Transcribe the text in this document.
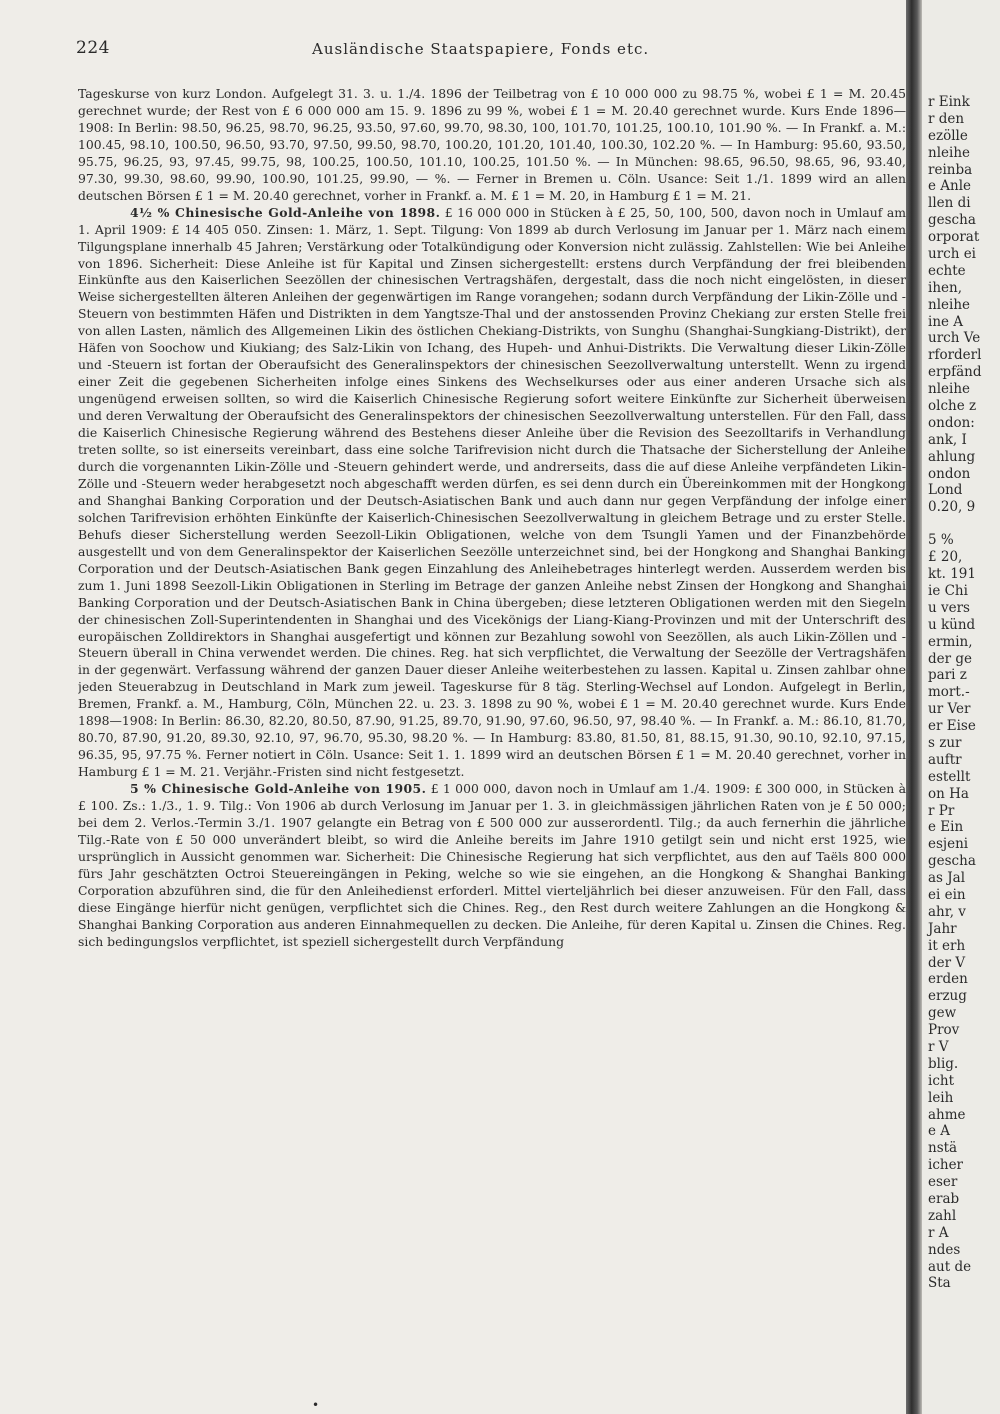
224	Ausländische Staatspapiere, Fonds etc.

Tageskurse von kurz London. Aufgelegt 31. 3. u. 1./4. 1896 der Teilbetrag von £ 10 000 000 zu 98.75 %, wobei £ 1 = M. 20.45 gerechnet wurde; der Rest von £ 6 000 000 am 15. 9. 1896 zu 99 %, wobei £ 1 = M. 20.40 gerechnet wurde. Kurs Ende 1896—1908: In Berlin: 98.50, 96.25, 98.70, 96.25, 93.50, 97.60, 99.70, 98.30, 100, 101.70, 101.25, 100.10, 101.90 %. — In Frankf. a. M.: 100.45, 98.10, 100.50, 96.50, 93.70, 97.50, 99.50, 98.70, 100.20, 101.20, 101.40, 100.30, 102.20 %. — In Hamburg: 95.60, 93.50, 95.75, 96.25, 93, 97.45, 99.75, 98, 100.25, 100.50, 101.10, 100.25, 101.50 %. — In München: 98.65, 96.50, 98.65, 96, 93.40, 97.30, 99.30, 98.60, 99.90, 100.90, 101.25, 99.90, — %. — Ferner in Bremen u. Cöln. Usance: Seit 1./1. 1899 wird an allen deutschen Börsen £ 1 = M. 20.40 gerechnet, vorher in Frankf. a. M. £ 1 = M. 20, in Hamburg £ 1 = M. 21.

4½ % Chinesische Gold-Anleihe von 1898. £ 16 000 000 in Stücken à £ 25, 50, 100, 500, davon noch in Umlauf am 1. April 1909: £ 14 405 050. Zinsen: 1. März, 1. Sept. Tilgung: Von 1899 ab durch Verlosung im Januar per 1. März nach einem Tilgungsplane innerhalb 45 Jahren; Verstärkung oder Totalkündigung oder Konversion nicht zulässig. Zahlstellen: Wie bei Anleihe von 1896. Sicherheit: Diese Anleihe ist für Kapital und Zinsen sichergestellt: erstens durch Verpfändung der frei bleibenden Einkünfte aus den Kaiserlichen Seezöllen der chinesischen Vertragshäfen, dergestalt, dass die noch nicht eingelösten, in dieser Weise sichergestellten älteren Anleihen der gegenwärtigen im Range vorangehen; sodann durch Verpfändung der Likin-Zölle und -Steuern von bestimmten Häfen und Distrikten in dem Yangtsze-Thal und der anstossenden Provinz Chekiang zur ersten Stelle frei von allen Lasten, nämlich des Allgemeinen Likin des östlichen Chekiang-Distrikts, von Sunghu (Shanghai-Sungkiang-Distrikt), der Häfen von Soochow und Kiukiang; des Salz-Likin von Ichang, des Hupeh- und Anhui-Distrikts. Die Verwaltung dieser Likin-Zölle und -Steuern ist fortan der Oberaufsicht des Generalinspektors der chinesischen Seezollverwaltung unterstellt. Wenn zu irgend einer Zeit die gegebenen Sicherheiten infolge eines Sinkens des Wechselkurses oder aus einer anderen Ursache sich als ungenügend erweisen sollten, so wird die Kaiserlich Chinesische Regierung sofort weitere Einkünfte zur Sicherheit überweisen und deren Verwaltung der Oberaufsicht des Generalinspektors der chinesischen Seezollverwaltung unterstellen. Für den Fall, dass die Kaiserlich Chinesische Regierung während des Bestehens dieser Anleihe über die Revision des Seezolltarifs in Verhandlung treten sollte, so ist einerseits vereinbart, dass eine solche Tarifrevision nicht durch die Thatsache der Sicherstellung der Anleihe durch die vorgenannten Likin-Zölle und -Steuern gehindert werde, und andrerseits, dass die auf diese Anleihe verpfändeten Likin-Zölle und -Steuern weder herabgesetzt noch abgeschafft werden dürfen, es sei denn durch ein Übereinkommen mit der Hongkong and Shanghai Banking Corporation und der Deutsch-Asiatischen Bank und auch dann nur gegen Verpfändung der infolge einer solchen Tarifrevision erhöhten Einkünfte der Kaiserlich-Chinesischen Seezollverwaltung in gleichem Betrage und zu erster Stelle. Behufs dieser Sicherstellung werden Seezoll-Likin Obligationen, welche von dem Tsungli Yamen und der Finanzbehörde ausgestellt und von dem Generalinspektor der Kaiserlichen Seezölle unterzeichnet sind, bei der Hongkong and Shanghai Banking Corporation und der Deutsch-Asiatischen Bank gegen Einzahlung des Anleihebetrages hinterlegt werden. Ausserdem werden bis zum 1. Juni 1898 Seezoll-Likin Obligationen in Sterling im Betrage der ganzen Anleihe nebst Zinsen der Hongkong and Shanghai Banking Corporation und der Deutsch-Asiatischen Bank in China übergeben; diese letzteren Obligationen werden mit den Siegeln der chinesischen Zoll-Superintendenten in Shanghai und des Vicekönigs der Liang-Kiang-Provinzen und mit der Unterschrift des europäischen Zolldirektors in Shanghai ausgefertigt und können zur Bezahlung sowohl von Seezöllen, als auch Likin-Zöllen und -Steuern überall in China verwendet werden. Die chines. Reg. hat sich verpflichtet, die Verwaltung der Seezölle der Vertragshäfen in der gegenwärt. Verfassung während der ganzen Dauer dieser Anleihe weiterbestehen zu lassen. Kapital u. Zinsen zahlbar ohne jeden Steuerabzug in Deutschland in Mark zum jeweil. Tageskurse für 8 täg. Sterling-Wechsel auf London. Aufgelegt in Berlin, Bremen, Frankf. a. M., Hamburg, Cöln, München 22. u. 23. 3. 1898 zu 90 %, wobei £ 1 = M. 20.40 gerechnet wurde. Kurs Ende 1898—1908: In Berlin: 86.30, 82.20, 80.50, 87.90, 91.25, 89.70, 91.90, 97.60, 96.50, 97, 98.40 %. — In Frankf. a. M.: 86.10, 81.70, 80.70, 87.90, 91.20, 89.30, 92.10, 97, 96.70, 95.30, 98.20 %. — In Hamburg: 83.80, 81.50, 81, 88.15, 91.30, 90.10, 92.10, 97.15, 96.35, 95, 97.75 %. Ferner notiert in Cöln. Usance: Seit 1. 1. 1899 wird an deutschen Börsen £ 1 = M. 20.40 gerechnet, vorher in Hamburg £ 1 = M. 21. Verjähr.-Fristen sind nicht festgesetzt.

5 % Chinesische Gold-Anleihe von 1905. £ 1 000 000, davon noch in Umlauf am 1./4. 1909: £ 300 000, in Stücken à £ 100. Zs.: 1./3., 1. 9. Tilg.: Von 1906 ab durch Verlosung im Januar per 1. 3. in gleichmässigen jährlichen Raten von je £ 50 000; bei dem 2. Verlos.-Termin 3./1. 1907 gelangte ein Betrag von £ 500 000 zur ausserordentl. Tilg.; da auch fernerhin die jährliche Tilg.-Rate von £ 50 000 unverändert bleibt, so wird die Anleihe bereits im Jahre 1910 getilgt sein und nicht erst 1925, wie ursprünglich in Aussicht genommen war. Sicherheit: Die Chinesische Regierung hat sich verpflichtet, aus den auf Taëls 800 000 fürs Jahr geschätzten Octroi Steuereingängen in Peking, welche so wie sie eingehen, an die Hongkong & Shanghai Banking Corporation abzuführen sind, die für den Anleihedienst erforderl. Mittel vierteljährlich bei dieser anzuweisen. Für den Fall, dass diese Eingänge hierfür nicht genügen, verpflichtet sich die Chines. Reg., den Rest durch weitere Zahlungen an die Hongkong & Shanghai Banking Corporation aus anderen Einnahmequellen zu decken. Die Anleihe, für deren Kapital u. Zinsen die Chines. Reg. sich bedingungslos verpflichtet, ist speziell sichergestellt durch Verpfändung

•
r Eink
r den
ezölle
nleihe
reinba
e Anle
llen di
gescha
orporat
urch ei
echte
ihen,
nleihe
ine A
urch Ve
rforderl
erpfänd
nleihe
olche z
ondon:
ank, I
ahlung
ondon
Lond
0.20, 9
5 %
£ 20,
kt. 191
ie Chi
u vers
u künd
ermin,
der ge
pari z
mort.-
ur Ver
er Eise
s zur
auftr
estellt
on Ha
r Pr
e Ein
esjeni
gescha
as Jal
ei ein
ahr, v
Jahr
it erh
der V
erden
erzug
gew
Prov
r V
blig.
icht
leih
ahme
e A
nstä
icher
eser
erab
zahl
r A
ndes
aut de
Sta
